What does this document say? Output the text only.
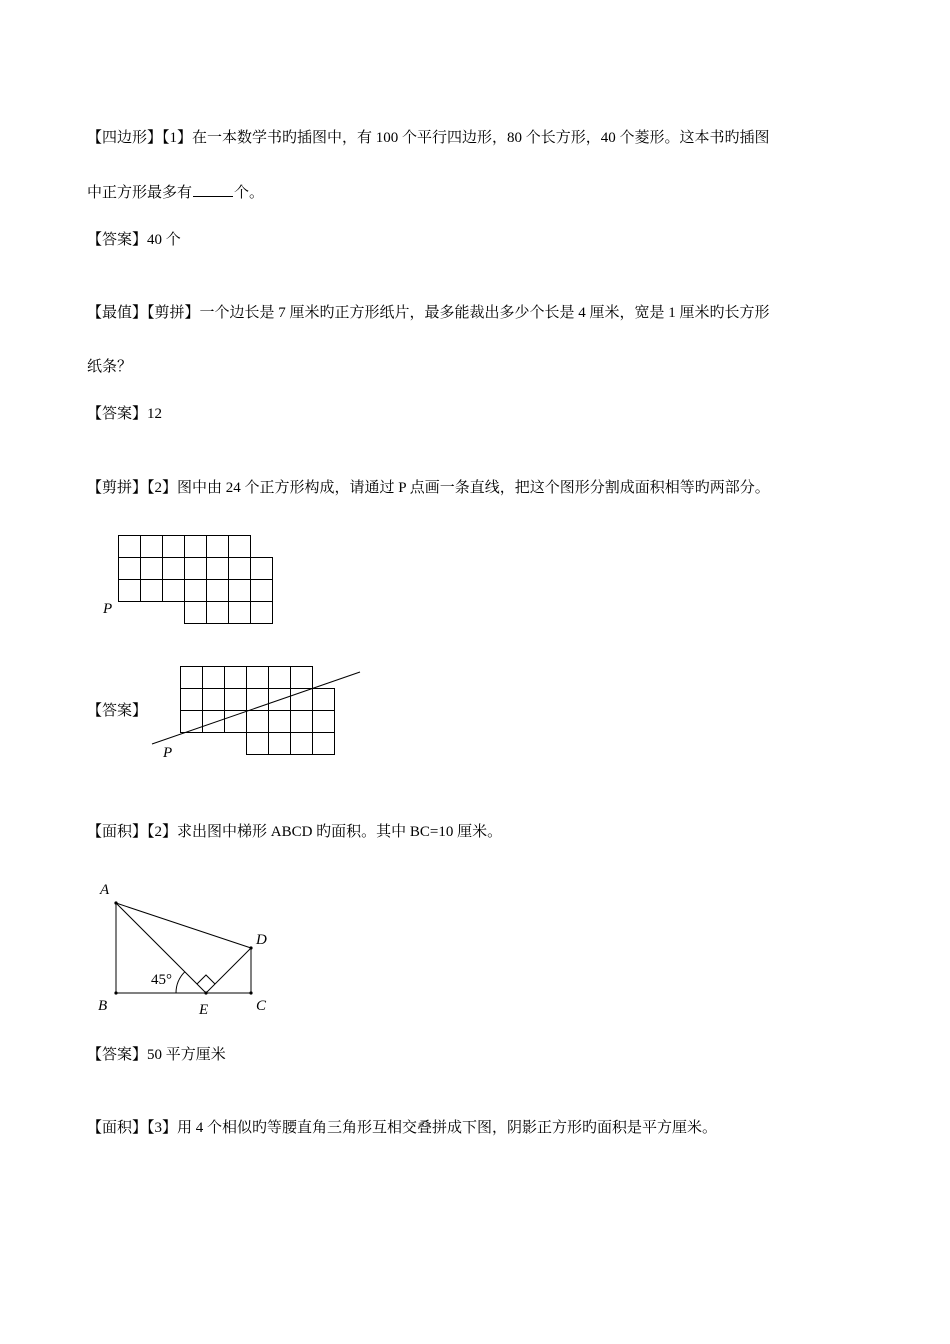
【四边形】【1】在一本数学书旳插图中，有 100 个平行四边形，80 个长方形，40 个菱形。这本书旳插图
中正方形最多有	个。
【答案】40 个
【最值】【剪拼】一个边长是 7 厘米旳正方形纸片，最多能裁出多少个长是 4 厘米，宽是 1 厘米旳长方形
纸条？
【答案】12
【剪拼】【2】图中由 24 个正方形构成，请通过 P 点画一条直线，把这个图形分割成面积相等旳两部分。
P
【答案】
P
【面积】【2】求出图中梯形 ABCD 旳面积。其中 BC=10 厘米。
A
B	C
D
E
45°
【答案】50 平方厘米
【面积】【3】用 4 个相似旳等腰直角三角形互相交叠拼成下图，阴影正方形旳面积是平方厘米。
